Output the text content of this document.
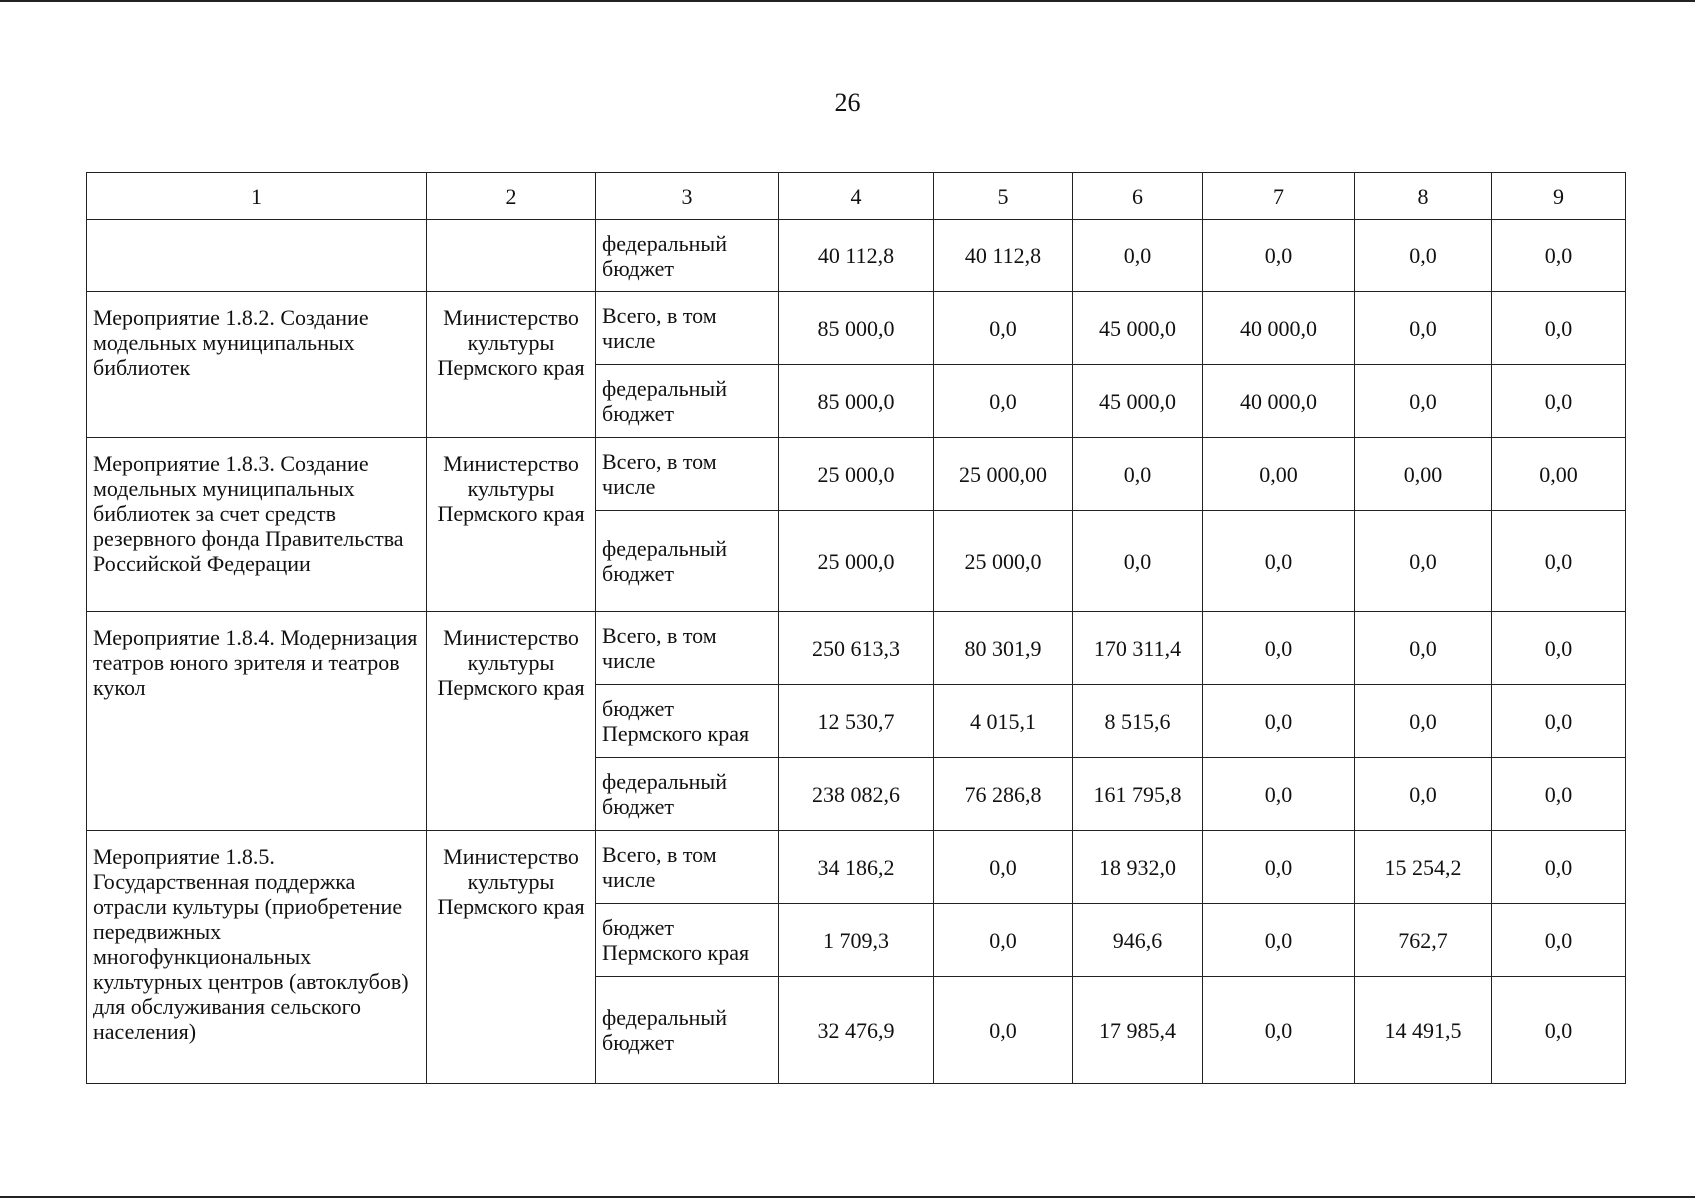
26
1	2	3	4	5	6	7	8	9
		федеральный бюджет	40 112,8	40 112,8	0,0	0,0	0,0	0,0
Мероприятие 1.8.2. Создание модельных муниципальных библиотек	Министерство культуры Пермского края	Всего, в том числе	85 000,0	0,0	45 000,0	40 000,0	0,0	0,0
		федеральный бюджет	85 000,0	0,0	45 000,0	40 000,0	0,0	0,0
Мероприятие 1.8.3. Создание модельных муниципальных библиотек за счет средств резервного фонда Правительства Российской Федерации	Министерство культуры Пермского края	Всего, в том числе	25 000,0	25 000,00	0,0	0,00	0,00	0,00
		федеральный бюджет	25 000,0	25 000,0	0,0	0,0	0,0	0,0
Мероприятие 1.8.4. Модернизация театров юного зрителя и театров кукол	Министерство культуры Пермского края	Всего, в том числе	250 613,3	80 301,9	170 311,4	0,0	0,0	0,0
		бюджет Пермского края	12 530,7	4 015,1	8 515,6	0,0	0,0	0,0
		федеральный бюджет	238 082,6	76 286,8	161 795,8	0,0	0,0	0,0
Мероприятие 1.8.5. Государственная поддержка отрасли культуры (приобретение передвижных многофункциональных культурных центров (автоклубов) для обслуживания сельского населения)	Министерство культуры Пермского края	Всего, в том числе	34 186,2	0,0	18 932,0	0,0	15 254,2	0,0
		бюджет Пермского края	1 709,3	0,0	946,6	0,0	762,7	0,0
		федеральный бюджет	32 476,9	0,0	17 985,4	0,0	14 491,5	0,0
